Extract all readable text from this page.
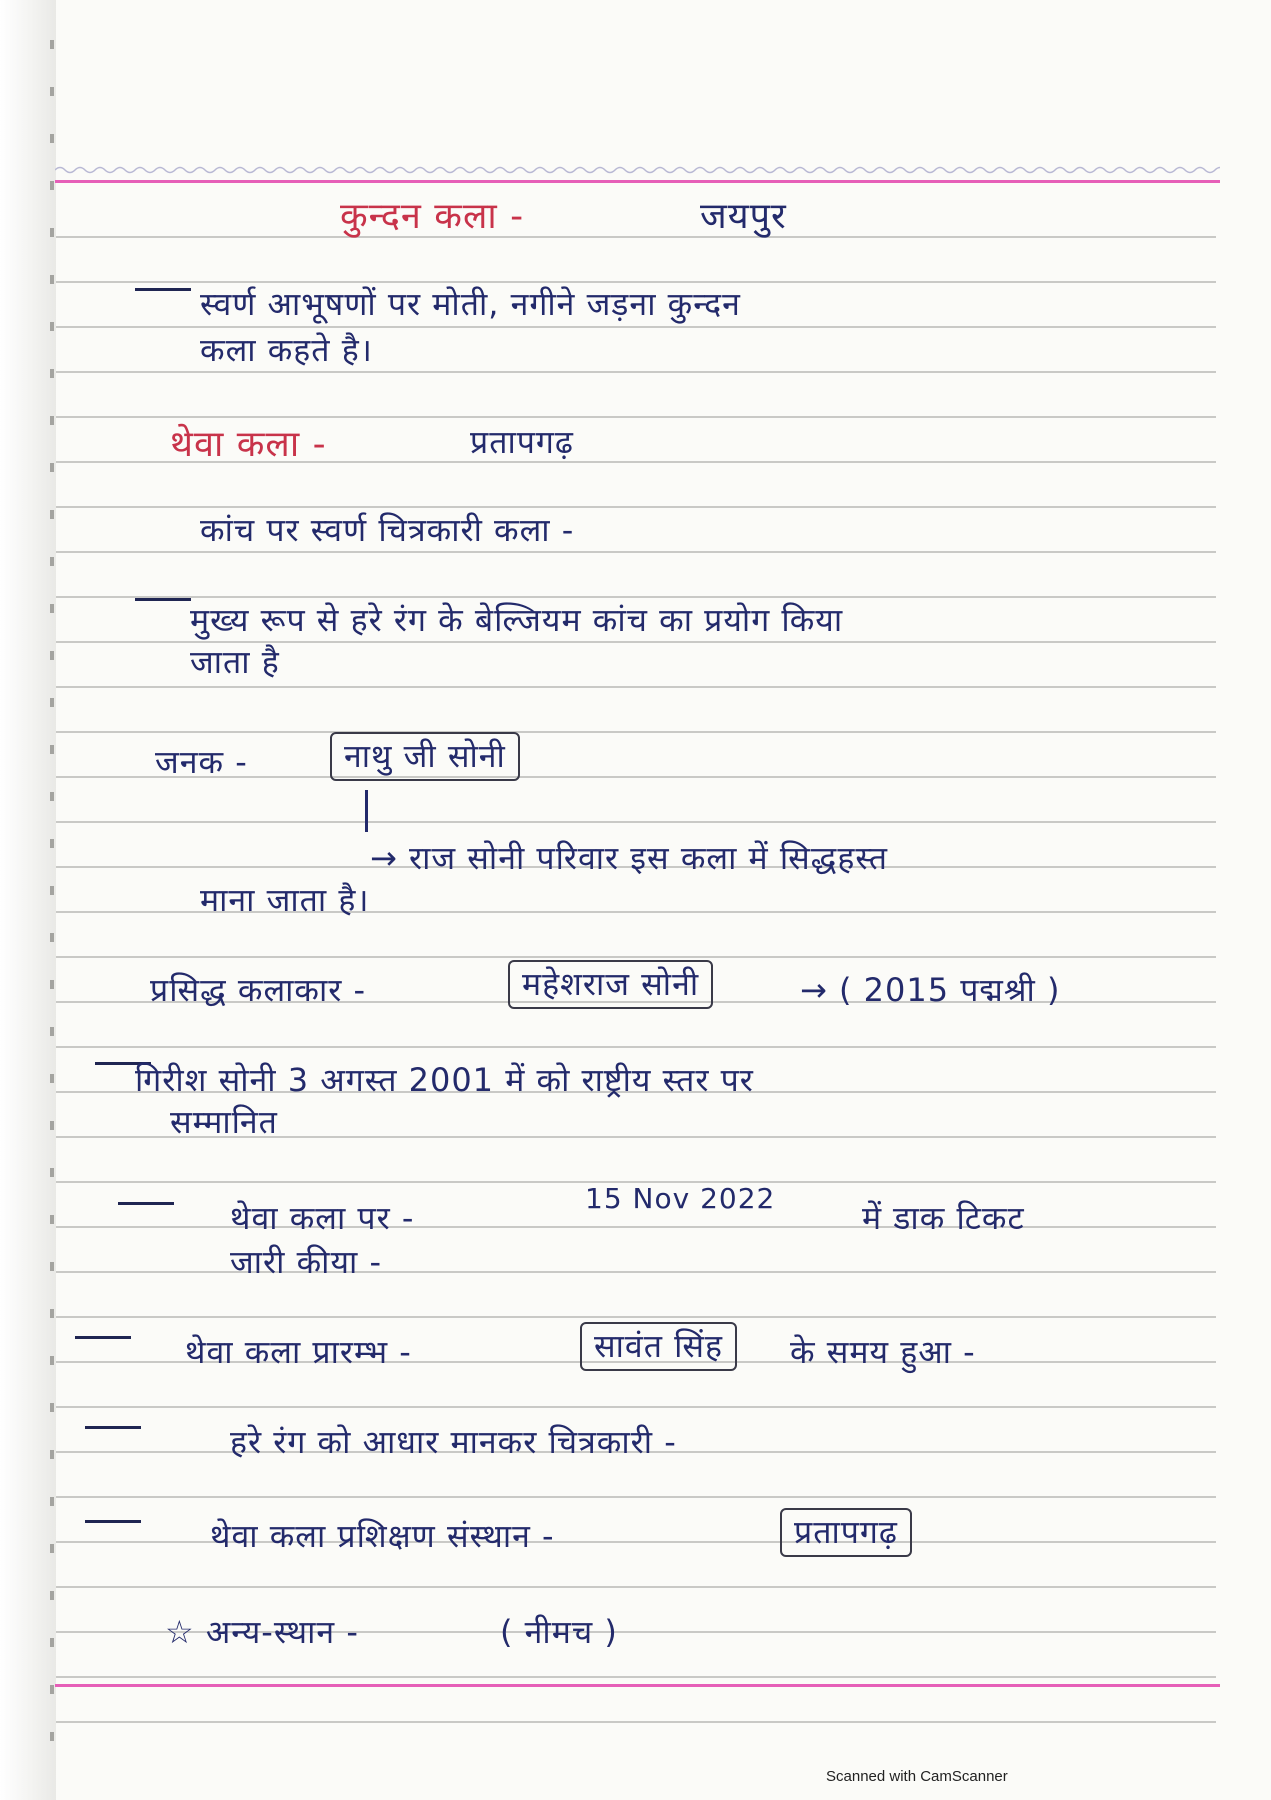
कुन्दन कला -	जयपुर
स्वर्ण आभूषणों पर मोती, नगीने जड़ना कुन्दन
कला कहते है।
थेवा कला -	प्रतापगढ़
कांच पर स्वर्ण चित्रकारी कला -
मुख्य रूप से हरे रंग के बेल्जियम कांच का प्रयोग किया
जाता है
जनक -	नाथु जी सोनी
→ राज सोनी परिवार इस कला में सिद्धहस्त
माना जाता है।
प्रसिद्ध कलाकार -	महेशराज सोनी	→ ( 2015 पद्मश्री )
गिरीश सोनी 3 अगस्त 2001 में को राष्ट्रीय स्तर पर
सम्मानित
थेवा कला पर -
15 Nov 2022
में डाक टिकट
जारी कीया -
थेवा कला प्रारम्भ -	सावंत सिंह	के समय हुआ -
हरे रंग को आधार मानकर चित्रकारी -
थेवा कला प्रशिक्षण संस्थान -	प्रतापगढ़
☆ अन्य-स्थान -	( नीमच )
Scanned with CamScanner
